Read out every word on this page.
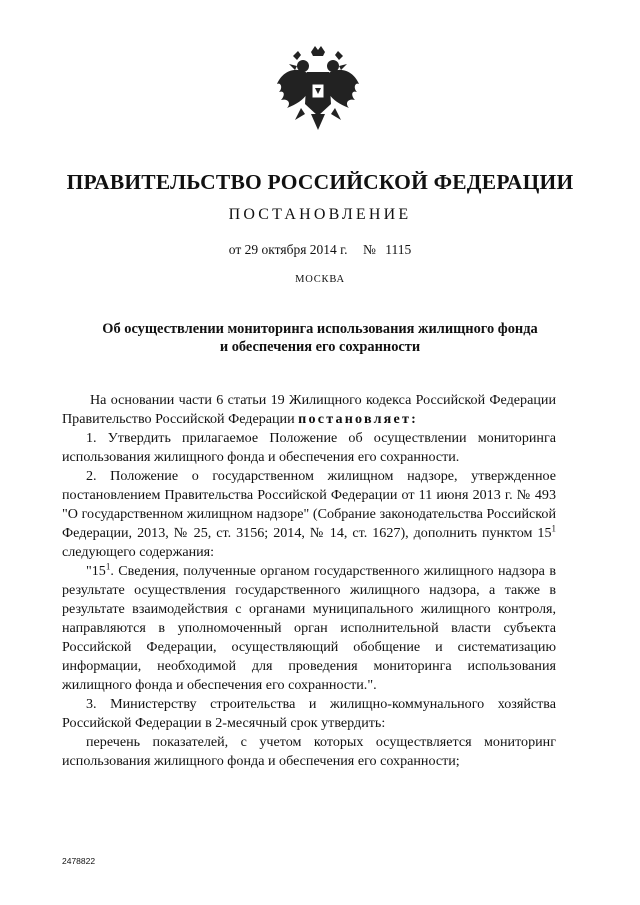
ПРАВИТЕЛЬСТВО РОССИЙСКОЙ ФЕДЕРАЦИИ
ПОСТАНОВЛЕНИЕ
от 29 октября 2014 г. № 1115
МОСКВА
Об осуществлении мониторинга использования жилищного фонда
и обеспечения его сохранности

На основании части 6 статьи 19 Жилищного кодекса Российской Федерации Правительство Российской Федерации постановляет:

1. Утвердить прилагаемое Положение об осуществлении мониторинга использования жилищного фонда и обеспечения его сохранности.

2. Положение о государственном жилищном надзоре, утвержденное постановлением Правительства Российской Федерации от 11 июня 2013 г. № 493 "О государственном жилищном надзоре" (Собрание законодательства Российской Федерации, 2013, № 25, ст. 3156; 2014, № 14, ст. 1627), дополнить пунктом $15^1$ следующего содержания:

"$15^1$. Сведения, полученные органом государственного жилищного надзора в результате осуществления государственного жилищного надзора, а также в результате взаимодействия с органами муниципального жилищного контроля, направляются в уполномоченный орган исполнительной власти субъекта Российской Федерации, осуществляющий обобщение и систематизацию информации, необходимой для проведения мониторинга использования жилищного фонда и обеспечения его сохранности.".

3. Министерству строительства и жилищно-коммунального хозяйства Российской Федерации в 2-месячный срок утвердить:

перечень показателей, с учетом которых осуществляется мониторинг использования жилищного фонда и обеспечения его сохранности;

2478822
